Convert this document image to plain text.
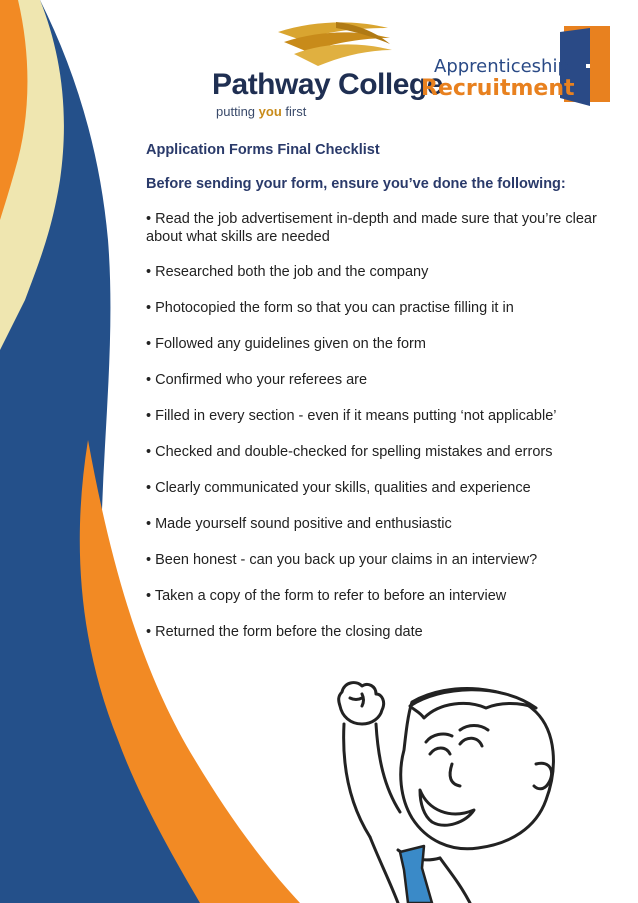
Pathway College
putting you first
Apprenticeship
Recruitment

Application Forms Final Checklist

Before sending your form, ensure you’ve done the following:

• Read the job advertisement in-depth and made sure that you’re clear about what skills are needed
• Researched both the job and the company
• Photocopied the form so that you can practise filling it in
• Followed any guidelines given on the form
• Confirmed who your referees are
• Filled in every section - even if it means putting ‘not applicable’
• Checked and double-checked for spelling mistakes and errors
• Clearly communicated your skills, qualities and experience
• Made yourself sound positive and enthusiastic
• Been honest - can you back up your claims in an interview?
• Taken a copy of the form to refer to before an interview
• Returned the form before the closing date
